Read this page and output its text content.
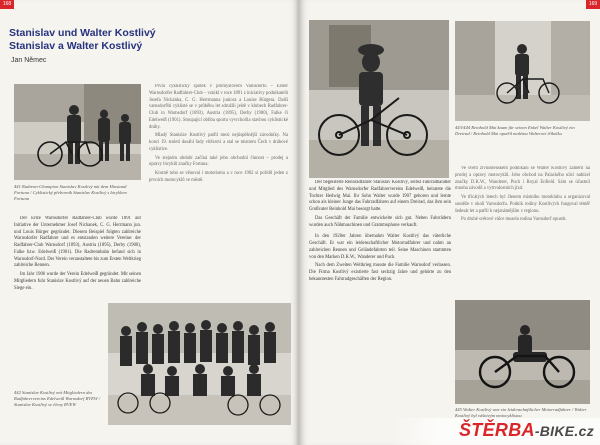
168
Stanislav und Walter Kostlivý
Stanislav a Walter Kostlivý
Jan Němec
441 Radrenn-Champion Stanislav Kostlivý mit dem Hinstand Fortuna / Cyklistický přeborník Stanislav Kostlivý s bicyklem Fortuna

Der Erste Warnsdorfer Radfahrer-Club wurde 1891 auf Initiative der Unternehmer Josef Nichanek, C. G. Herrmann jun. und Louis Bürger gegründet. Diesem Beispiel folgten zahlreiche Warnsdorfer Radfahrer und es entstanden weitere Vereine: der Radfahrer-Club Warnsdorf (1893), Austria (1895), Derby (1900), Falke bzw. Edelweiß (1901). Die Radrennbahn befand sich in Warnsdorf-Nord. Der Verein veranstaltete bis zum Ersten Weltkrieg zahlreiche Rennen.

Im Jahr 1906 wurde der Verein Edelweiß gegründet. Mit seinen Mitgliedern fuhr Stanislav Kostlivý auf der neuen Bahn zahlreiche Siege ein.

První cyklistický spolek v průmyslovém Varnsdorfu – Erster Warnsdorfer Radfahrer-Club – vznikl v roce 1891 z iniciativy podnikatelů Josefa Nichánka, C. G. Herrmanna juniora a Louise Bürgera. Další varnsdorfští cyklisté se v průběhu let sdružili ještě v klubech Radfahrer-Club in Warnsdorf (1893), Austria (1895), Derby (1900), Falke či Edelweiß (1901). Stoupající obliba sportu vyvrcholila stavbou cyklistické dráhy.

Mladý Stanislav Kostlivý patřil mezi nejúspěšnější závodníky. Na konci 19. století dosáhl řady vítězství a stal se mistrem Čech v dráhové cyklistice.

Ve stejném období začíná také jeho obchodní činnost – prodej a opravy bicyklů značky Fortuna.

Kromě toho se věnoval i motorismu a v roce 1902 si pořídil jeden z prvních motocyklů ve městě.

442 Stanislav Kostlivý mit Mitgliedern des Radfahrervereins Edelweiß Warnsdorf RVEW / Stanislav Kostlivý se členy RVEW
169

Der begeisterte Rennradfahrer Stanislav Kostlivý, selbst Fahrradhändler und Mitglied des Warnsdorfer Radfahrervereins Edelweiß, heiratete die Tochter Hedwig Mai. Ihr Sohn Walter wurde 1907 geboren und lernte schon als kleiner Junge das Fahrradfahren auf einem Dreirad, das ihm sein Großvater Reinhold Mai besorgt hatte.

Das Geschäft der Familie entwickelte sich gut. Neben Fahrrädern wurden auch Nähmaschinen und Grammophone verkauft.

In den 1920er Jahren übernahm Walter Kostlivý das väterliche Geschäft. Er war ein leidenschaftlicher Motorradfahrer und nahm an zahlreichen Rennen und Geländefahrten teil. Seine Maschinen stammten von den Marken D.K.W., Wanderer und Puch.

Nach dem Zweiten Weltkrieg musste die Familie Warnsdorf verlassen. Die Firma Kostlivý existierte fast sechzig Jahre und gehörte zu den bekanntesten Fahrradgeschäften der Region.

443/444 Reinhold Mai kaum für seinen Enkel Walter Kostlivý ein Dreirad / Reinhold Mai opatřil malému Walterovi tříkolku

Ve svém živnostenském podnikání se Walter Kostlivý zaměřil na prodej a opravy motocyklů. Jeho obchod na Palackého ulici nabízel značky D.K.W., Wanderer, Puch i Royal Enfield. Sám se účastnil mnoha závodů a vytrvalostních jízd.

Ve třicátých letech byl členem místního motoklubu a organizoval soutěže v okolí Varnsdorfu. Podnik rodiny Kostlivých fungoval téměř šedesát let a patřil k nejznámějším v regionu.

Po druhé světové válce musela rodina Varnsdorf opustit.

445 Walter Kostlivý war ein leidenschaftlicher Motorradfahrer / Walter Kostlivý byl vášnivým motocyklistou
ŠTĚRBA-BIKE.cz
